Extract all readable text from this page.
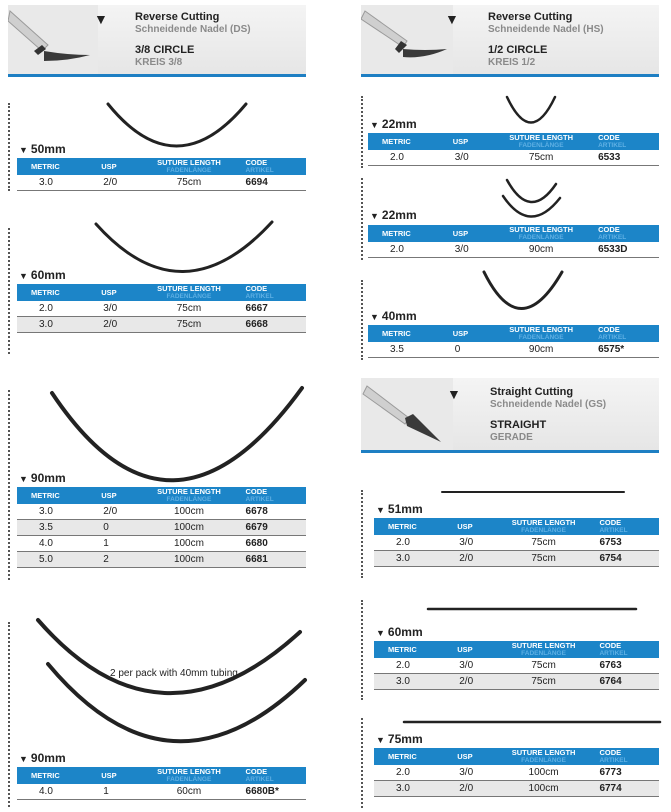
▼ Reverse Cutting
Schneidende Nadel (DS)
3/8 CIRCLE
KREIS 3/8
▼	Reverse Cutting
Schneidende Nadel (HS)
1/2 CIRCLE
KREIS 1/2
▼	Straight Cutting
Schneidende Nadel (GS)
STRAIGHT
GERADE
2 per pack with 40mm tubing
▼ 50mm
METRIC	USP	SUTURE LENGTH
FADENLÄNGE	CODE
ARTIKEL

3.0	2/0	75cm	6694
▼ 60mm
METRIC	USP	SUTURE LENGTH
FADENLÄNGE	CODE
ARTIKEL

2.0	3/0	75cm	6667
3.0	2/0	75cm	6668
▼ 90mm
METRIC	USP	SUTURE LENGTH
FADENLÄNGE	CODE
ARTIKEL

3.0	2/0	100cm	6678
3.5	0	100cm	6679
4.0	1	100cm	6680
5.0	2	100cm	6681
▼ 90mm
METRIC	USP	SUTURE LENGTH
FADENLÄNGE	CODE
ARTIKEL

4.0	1	60cm	6680B*
▼ 22mm
METRIC	USP	SUTURE LENGTH
FADENLÄNGE	CODE
ARTIKEL

2.0	3/0	75cm	6533
▼ 22mm
METRIC	USP	SUTURE LENGTH
FADENLÄNGE	CODE
ARTIKEL

2.0	3/0	90cm	6533D
▼ 40mm
METRIC	USP	SUTURE LENGTH
FADENLÄNGE	CODE
ARTIKEL

3.5	0	90cm	6575*
▼ 51mm
METRIC	USP	SUTURE LENGTH
FADENLÄNGE	CODE
ARTIKEL

2.0	3/0	75cm	6753
3.0	2/0	75cm	6754
▼ 60mm
METRIC	USP	SUTURE LENGTH
FADENLÄNGE	CODE
ARTIKEL

2.0	3/0	75cm	6763
3.0	2/0	75cm	6764
▼ 75mm
METRIC	USP	SUTURE LENGTH
FADENLÄNGE	CODE
ARTIKEL

2.0	3/0	100cm	6773
3.0	2/0	100cm	6774
